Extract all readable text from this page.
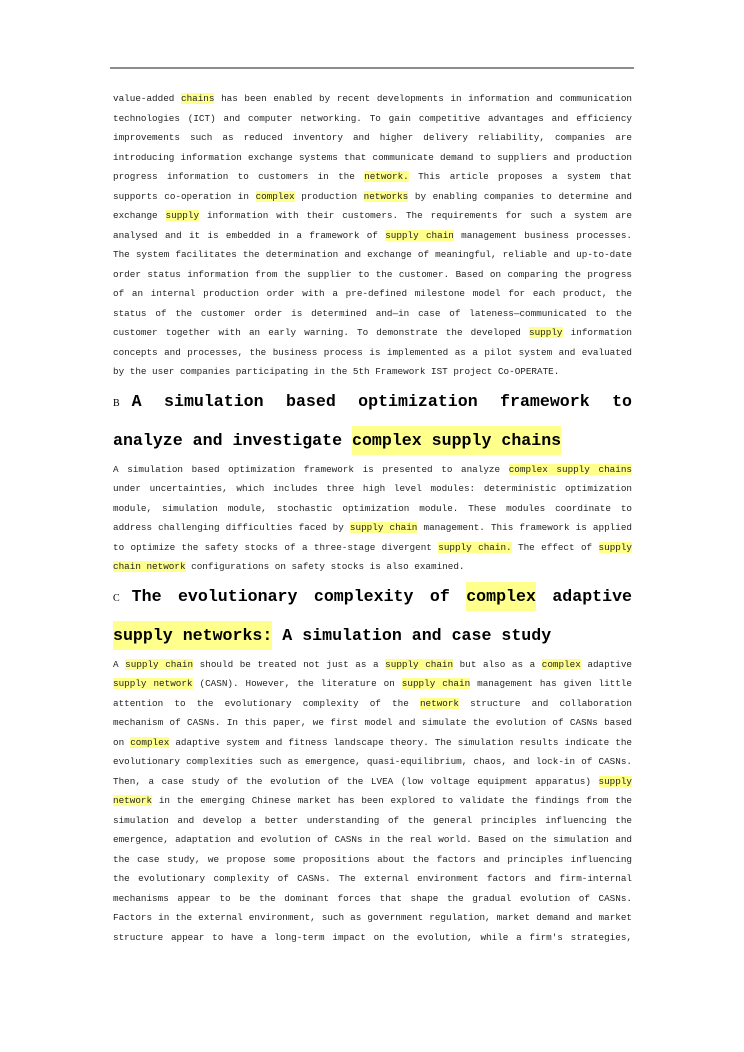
value-added chains has been enabled by recent developments in information and communication
technologies (ICT) and computer networking. To gain competitive advantages and efficiency
improvements such as reduced inventory and higher delivery reliability, companies are
introducing information exchange systems that communicate demand to suppliers and production
progress information to customers in the network. This article proposes a system that
supports co-operation in complex production networks by enabling companies to determine and
exchange supply information with their customers. The requirements for such a system are
analysed and it is embedded in a framework of supply chain management business processes.
The system facilitates the determination and exchange of meaningful, reliable and up-to-date
order status information from the supplier to the customer. Based on comparing the progress
of an internal production order with a pre-defined milestone model for each product, the
status of the customer order is determined and—in case of lateness—communicated to the
customer together with an early warning. To demonstrate the developed supply information
concepts and processes, the business process is implemented as a pilot system and evaluated
by the user companies participating in the 5th Framework IST project Co-OPERATE.
B A simulation based optimization framework to
analyze and investigate complex supply chains
A simulation based optimization framework is presented to analyze complex supply chains
under uncertainties, which includes three high level modules: deterministic optimization
module, simulation module, stochastic optimization module. These modules coordinate to
address challenging difficulties faced by supply chain management. This framework is applied
to optimize the safety stocks of a three-stage divergent supply chain. The effect of supply
chain network configurations on safety stocks is also examined.
C The evolutionary complexity of complex adaptive
supply networks: A simulation and case study
A supply chain should be treated not just as a supply chain but also as a complex adaptive
supply network (CASN). However, the literature on supply chain management has given little
attention to the evolutionary complexity of the network structure and collaboration
mechanism of CASNs. In this paper, we first model and simulate the evolution of CASNs based
on complex adaptive system and fitness landscape theory. The simulation results indicate the
evolutionary complexities such as emergence, quasi-equilibrium, chaos, and lock-in of CASNs.
Then, a case study of the evolution of the LVEA (low voltage equipment apparatus) supply
network in the emerging Chinese market has been explored to validate the findings from the
simulation and develop a better understanding of the general principles influencing the
emergence, adaptation and evolution of CASNs in the real world. Based on the simulation and
the case study, we propose some propositions about the factors and principles influencing
the evolutionary complexity of CASNs. The external environment factors and firm-internal
mechanisms appear to be the dominant forces that shape the gradual evolution of CASNs.
Factors in the external environment, such as government regulation, market demand and market
structure appear to have a long-term impact on the evolution, while a firm's strategies,
